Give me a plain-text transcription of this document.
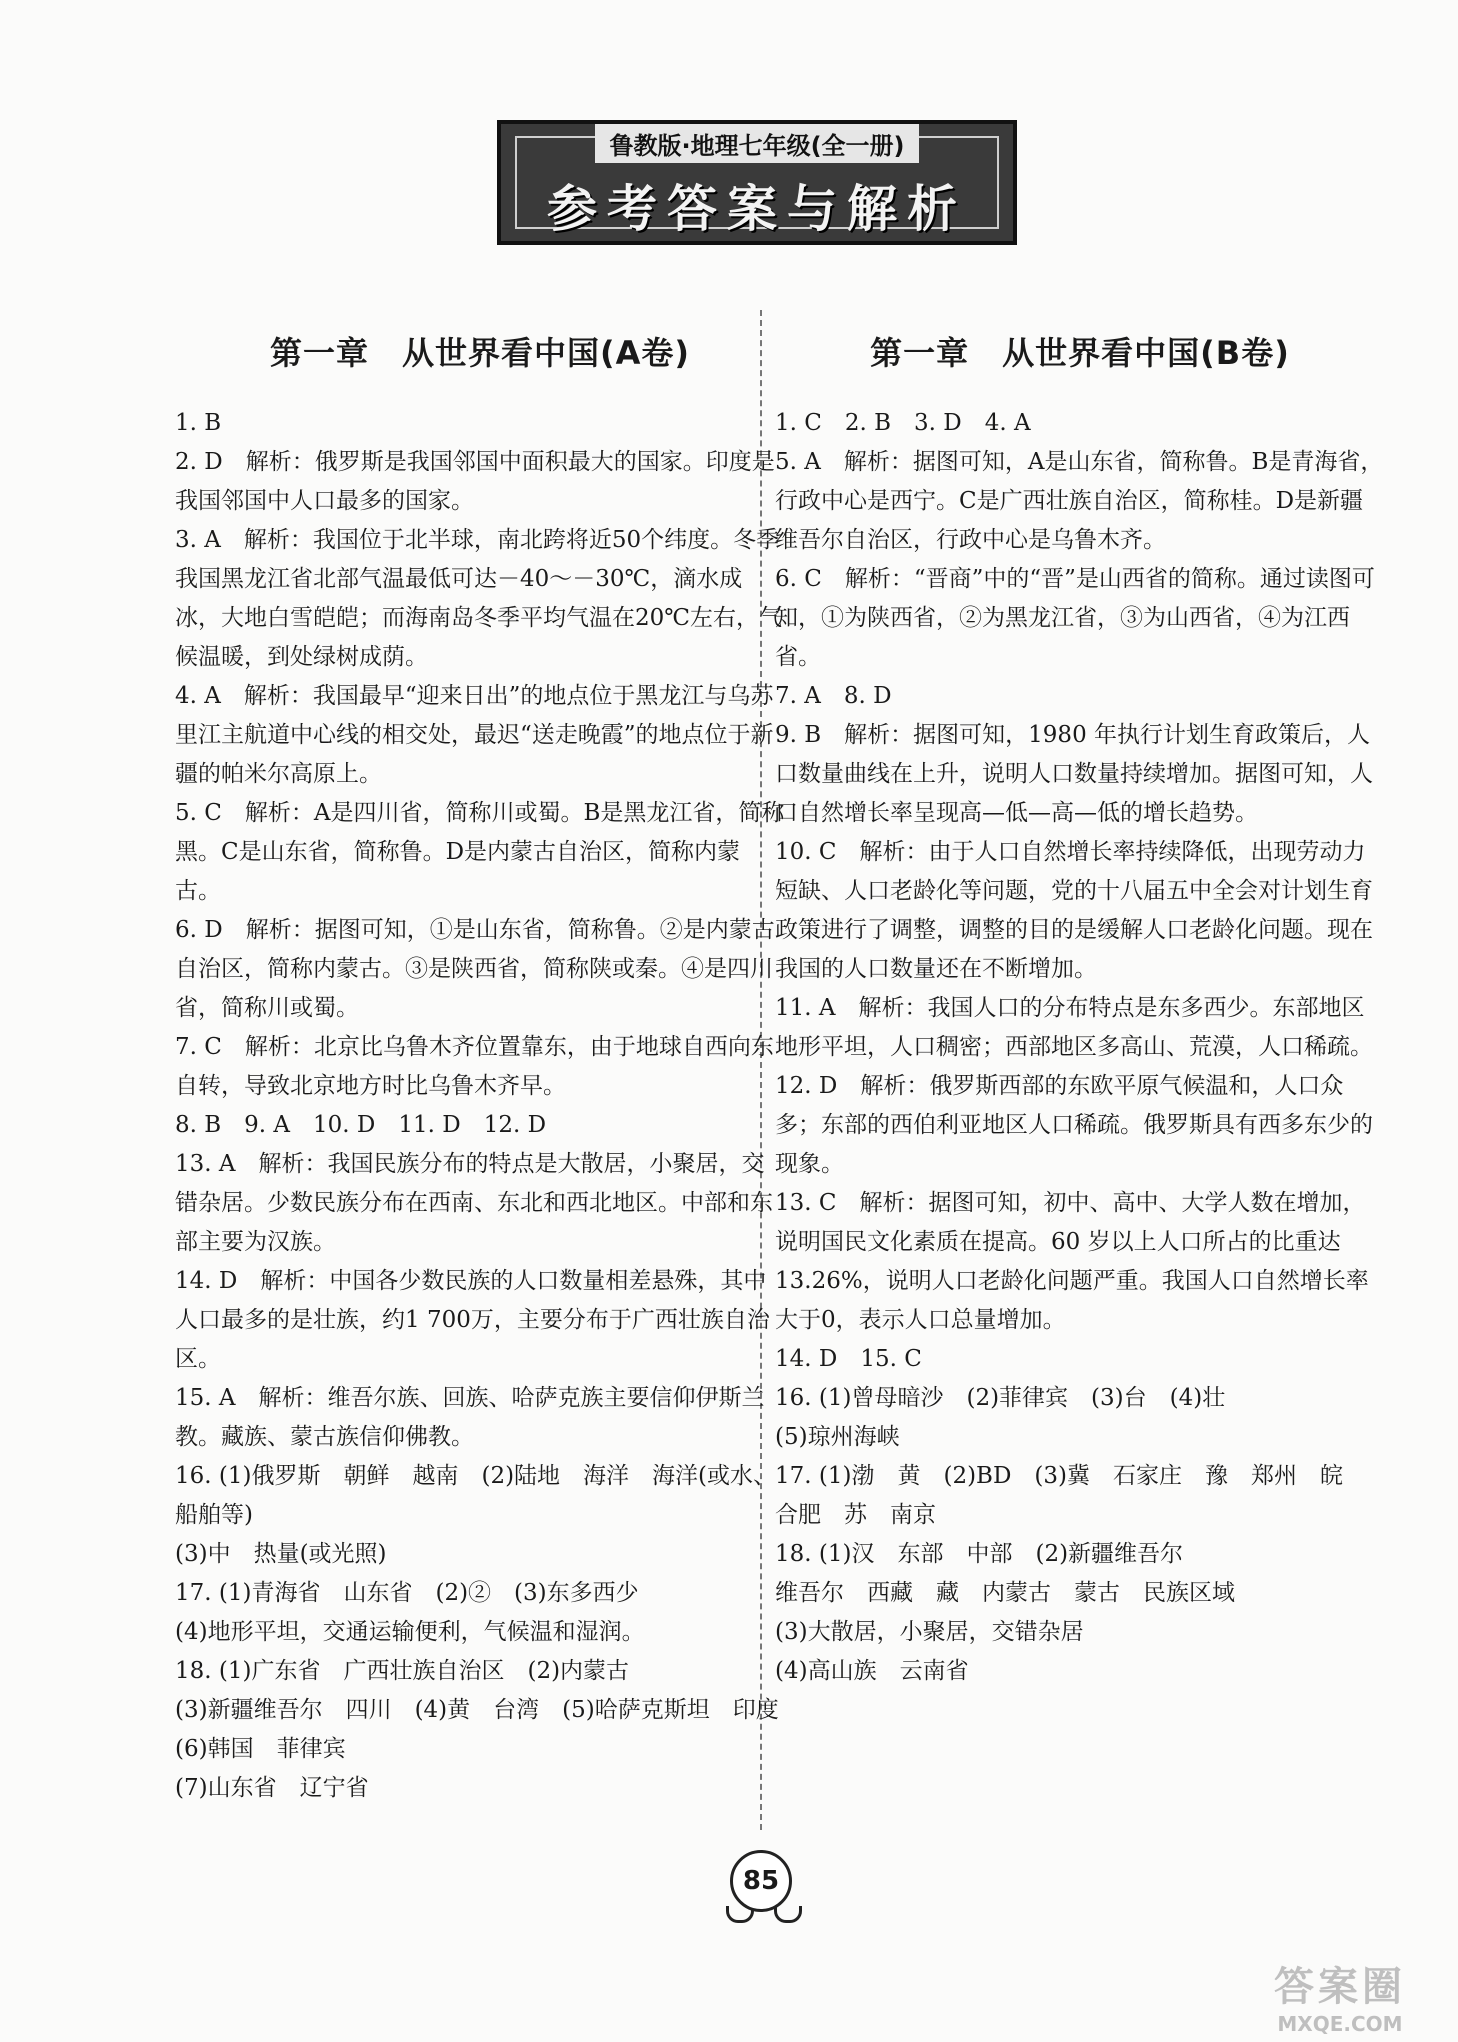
鲁教版·地理七年级(全一册)
参考答案与解析
第一章　从世界看中国(A卷)

1. B

2. D　解析：俄罗斯是我国邻国中面积最大的国家。印度是我国邻国中人口最多的国家。

3. A　解析：我国位于北半球，南北跨将近50个纬度。冬季我国黑龙江省北部气温最低可达－40～－30℃，滴水成冰，大地白雪皑皑；而海南岛冬季平均气温在20℃左右，气候温暖，到处绿树成荫。

4. A　解析：我国最早“迎来日出”的地点位于黑龙江与乌苏里江主航道中心线的相交处，最迟“送走晚霞”的地点位于新疆的帕米尔高原上。

5. C　解析：A是四川省，简称川或蜀。B是黑龙江省，简称黑。C是山东省，简称鲁。D是内蒙古自治区，简称内蒙古。

6. D　解析：据图可知，①是山东省，简称鲁。②是内蒙古自治区，简称内蒙古。③是陕西省，简称陕或秦。④是四川省，简称川或蜀。

7. C　解析：北京比乌鲁木齐位置靠东，由于地球自西向东自转，导致北京地方时比乌鲁木齐早。

8. B　9. A　10. D　11. D　12. D

13. A　解析：我国民族分布的特点是大散居，小聚居，交错杂居。少数民族分布在西南、东北和西北地区。中部和东部主要为汉族。

14. D　解析：中国各少数民族的人口数量相差悬殊，其中人口最多的是壮族，约1 700万，主要分布于广西壮族自治区。

15. A　解析：维吾尔族、回族、哈萨克族主要信仰伊斯兰教。藏族、蒙古族信仰佛教。

16. (1)俄罗斯　朝鲜　越南　(2)陆地　海洋　海洋(或水、船舶等)

(3)中　热量(或光照)

17. (1)青海省　山东省　(2)②　(3)东多西少

(4)地形平坦，交通运输便利，气候温和湿润。

18. (1)广东省　广西壮族自治区　(2)内蒙古

(3)新疆维吾尔　四川　(4)黄　台湾　(5)哈萨克斯坦　印度　(6)韩国　菲律宾

(7)山东省　辽宁省

第一章　从世界看中国(B卷)

1. C　2. B　3. D　4. A

5. A　解析：据图可知，A是山东省，简称鲁。B是青海省，行政中心是西宁。C是广西壮族自治区，简称桂。D是新疆维吾尔自治区，行政中心是乌鲁木齐。

6. C　解析：“晋商”中的“晋”是山西省的简称。通过读图可知，①为陕西省，②为黑龙江省，③为山西省，④为江西省。

7. A　8. D

9. B　解析：据图可知，1980 年执行计划生育政策后，人口数量曲线在上升，说明人口数量持续增加。据图可知，人口自然增长率呈现高—低—高—低的增长趋势。

10. C　解析：由于人口自然增长率持续降低，出现劳动力短缺、人口老龄化等问题，党的十八届五中全会对计划生育政策进行了调整，调整的目的是缓解人口老龄化问题。现在我国的人口数量还在不断增加。

11. A　解析：我国人口的分布特点是东多西少。东部地区地形平坦，人口稠密；西部地区多高山、荒漠，人口稀疏。

12. D　解析：俄罗斯西部的东欧平原气候温和，人口众多；东部的西伯利亚地区人口稀疏。俄罗斯具有西多东少的现象。

13. C　解析：据图可知，初中、高中、大学人数在增加，说明国民文化素质在提高。60 岁以上人口所占的比重达 13.26%，说明人口老龄化问题严重。我国人口自然增长率大于0，表示人口总量增加。

14. D　15. C

16. (1)曾母暗沙　(2)菲律宾　(3)台　(4)壮

(5)琼州海峡

17. (1)渤　黄　(2)BD　(3)冀　石家庄　豫　郑州　皖　合肥　苏　南京

18. (1)汉　东部　中部　(2)新疆维吾尔

维吾尔　西藏　藏　内蒙古　蒙古　民族区域

(3)大散居，小聚居，交错杂居

(4)高山族　云南省

85
答案圈
MXQE.COM
